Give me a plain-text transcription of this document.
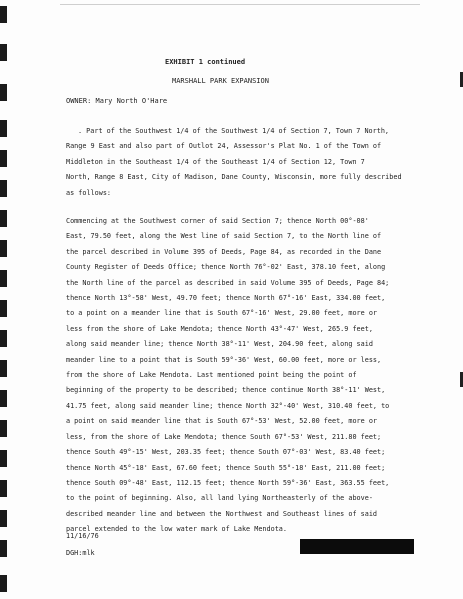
EXHIBIT 1 continued
MARSHALL PARK EXPANSION
OWNER: Mary North O'Hare
. Part of the Southwest 1/4 of the Southwest 1/4 of Section 7, Town 7 North,
Range 9 East and also part of Outlot 24, Assessor's Plat No. 1 of the Town of
Middleton in the Southeast 1/4 of the Southeast 1/4 of Section 12, Town 7
North, Range 8 East, City of Madison, Dane County, Wisconsin, more fully described
as follows:
Commencing at the Southwest corner of said Section 7; thence North 00°-08'
East, 79.50 feet, along the West line of said Section 7, to the North line of
the parcel described in Volume 395 of Deeds, Page 84, as recorded in the Dane
County Register of Deeds Office; thence North 76°-02' East, 378.10 feet, along
the North line of the parcel as described in said Volume 395 of Deeds, Page 84;
thence North 13°-58' West, 49.70 feet; thence North 67°-16' East, 334.00 feet,
to a point on a meander line that is South 67°-16' West, 29.00 feet, more or
less from the shore of Lake Mendota; thence North 43°-47' West, 265.9 feet,
along said meander line; thence North 38°-11' West, 204.90 feet, along said
meander line to a point that is South 59°-36' West, 60.00 feet, more or less,
from the shore of Lake Mendota. Last mentioned point being the point of
beginning of the property to be described; thence continue North 38°-11' West,
41.75 feet, along said meander line; thence North 32°-40' West, 310.40 feet, to
a point on said meander line that is South 67°-53' West, 52.00 feet, more or
less, from the shore of Lake Mendota; thence South 67°-53' West, 211.80 feet;
thence South 49°-15' West, 203.35 feet; thence South 07°-03' West, 83.40 feet;
thence North 45°-18' East, 67.60 feet; thence South 55°-18' East, 211.00 feet;
thence South 09°-48' East, 112.15 feet; thence North 59°-36' East, 363.55 feet,
to the point of beginning. Also, all land lying Northeasterly of the above-
described meander line and between the Northwest and Southeast lines of said
parcel extended to the low water mark of Lake Mendota.
11/16/76
DGH:mlk
